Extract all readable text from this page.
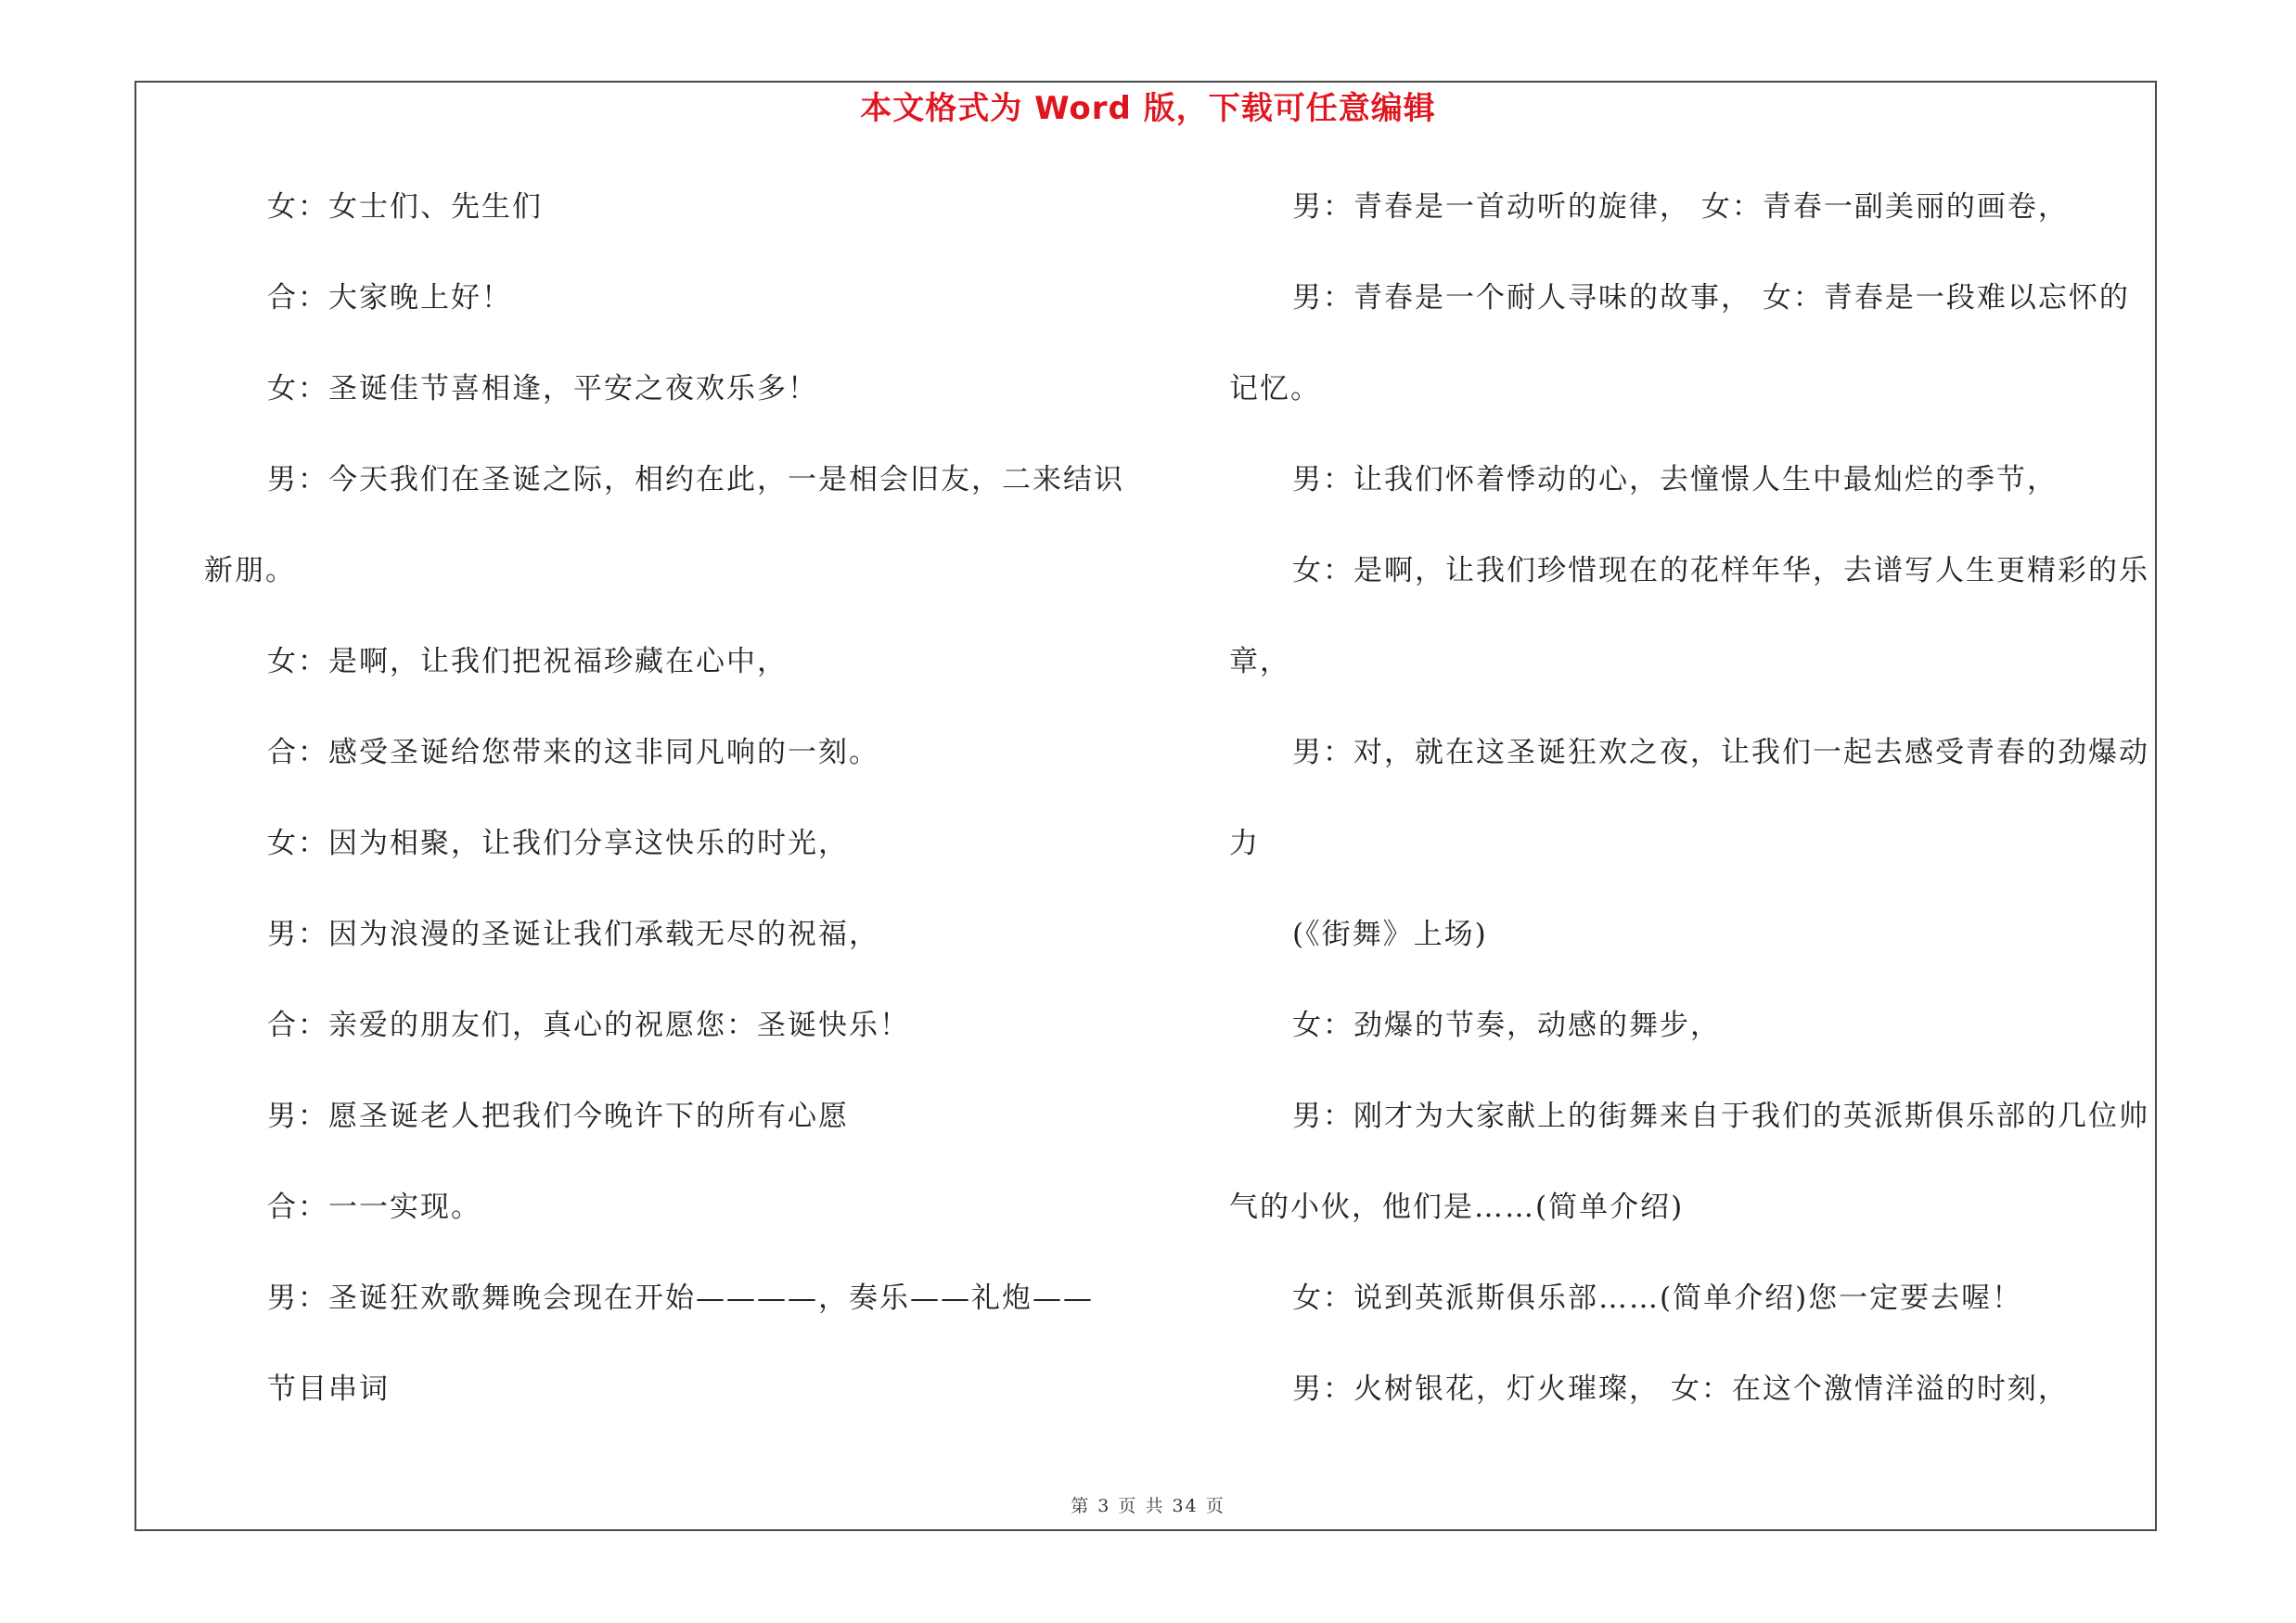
本文格式为 Word 版，下载可任意编辑
女：女士们、先生们
合：大家晚上好！
女：圣诞佳节喜相逢，平安之夜欢乐多！
男：今天我们在圣诞之际，相约在此，一是相会旧友，二来结识
新朋。
女：是啊，让我们把祝福珍藏在心中，
合：感受圣诞给您带来的这非同凡响的一刻。
女：因为相聚，让我们分享这快乐的时光，
男：因为浪漫的圣诞让我们承载无尽的祝福，
合：亲爱的朋友们，真心的祝愿您：圣诞快乐！
男：愿圣诞老人把我们今晚许下的所有心愿
合：一一实现。
男：圣诞狂欢歌舞晚会现在开始————，奏乐——礼炮——
节目串词
男：青春是一首动听的旋律， 女：青春一副美丽的画卷，
男：青春是一个耐人寻味的故事， 女：青春是一段难以忘怀的
记忆。
男：让我们怀着悸动的心，去憧憬人生中最灿烂的季节，
女：是啊，让我们珍惜现在的花样年华，去谱写人生更精彩的乐
章，
男：对，就在这圣诞狂欢之夜，让我们一起去感受青春的劲爆动
力
(《街舞》上场)
女：劲爆的节奏，动感的舞步，
男：刚才为大家献上的街舞来自于我们的英派斯俱乐部的几位帅
气的小伙，他们是……(简单介绍)
女：说到英派斯俱乐部……(简单介绍)您一定要去喔！
男：火树银花，灯火璀璨， 女：在这个激情洋溢的时刻，
第 3 页 共 34 页
